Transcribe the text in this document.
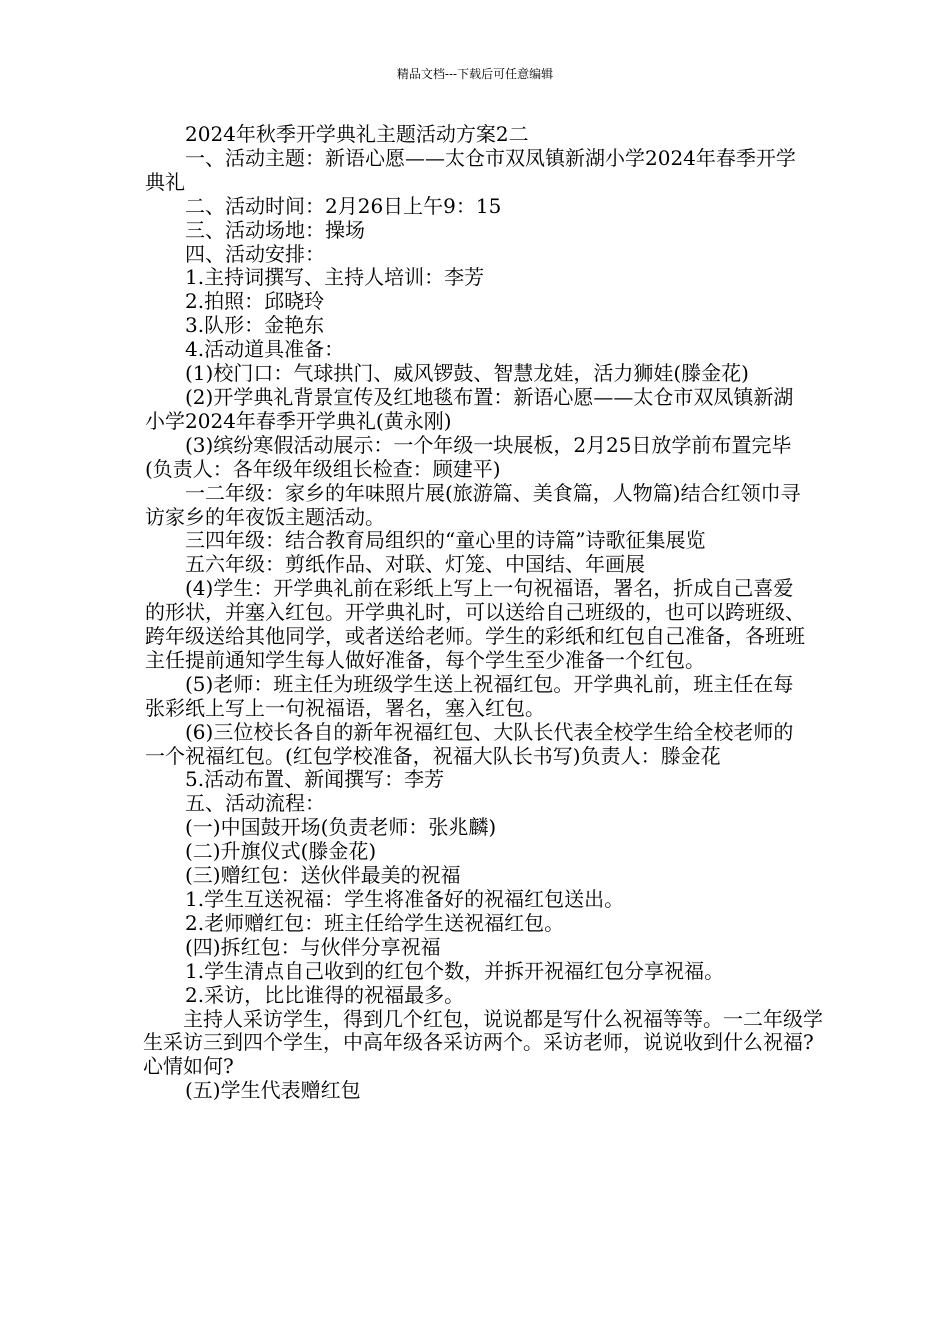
精品文档---下载后可任意编辑

2024年秋季开学典礼主题活动方案2二

一、活动主题：新语心愿——太仓市双凤镇新湖小学2024年春季开学典礼

二、活动时间：2月26日上午9：15

三、活动场地：操场

四、活动安排：

1.主持词撰写、主持人培训：李芳

2.拍照：邱晓玲

3.队形：金艳东

4.活动道具准备：

(1)校门口：气球拱门、威风锣鼓、智慧龙娃，活力狮娃(滕金花)

(2)开学典礼背景宣传及红地毯布置：新语心愿——太仓市双凤镇新湖小学2024年春季开学典礼(黄永刚)

(3)缤纷寒假活动展示：一个年级一块展板，2月25日放学前布置完毕(负责人：各年级年级组长检查：顾建平)

一二年级：家乡的年味照片展(旅游篇、美食篇，人物篇)结合红领巾寻访家乡的年夜饭主题活动。

三四年级：结合教育局组织的“童心里的诗篇”诗歌征集展览

五六年级：剪纸作品、对联、灯笼、中国结、年画展

(4)学生：开学典礼前在彩纸上写上一句祝福语，署名，折成自己喜爱的形状，并塞入红包。开学典礼时，可以送给自己班级的，也可以跨班级、跨年级送给其他同学，或者送给老师。学生的彩纸和红包自己准备，各班班主任提前通知学生每人做好准备，每个学生至少准备一个红包。

(5)老师：班主任为班级学生送上祝福红包。开学典礼前，班主任在每张彩纸上写上一句祝福语，署名，塞入红包。

(6)三位校长各自的新年祝福红包、大队长代表全校学生给全校老师的一个祝福红包。(红包学校准备，祝福大队长书写)负责人：滕金花

5.活动布置、新闻撰写：李芳

五、活动流程：

(一)中国鼓开场(负责老师：张兆麟)

(二)升旗仪式(滕金花)

(三)赠红包：送伙伴最美的祝福

1.学生互送祝福：学生将准备好的祝福红包送出。

2.老师赠红包：班主任给学生送祝福红包。

(四)拆红包：与伙伴分享祝福

1.学生清点自己收到的红包个数，并拆开祝福红包分享祝福。

2.采访，比比谁得的祝福最多。

主持人采访学生，得到几个红包，说说都是写什么祝福等等。一二年级学生采访三到四个学生，中高年级各采访两个。采访老师，说说收到什么祝福?心情如何?

(五)学生代表赠红包
